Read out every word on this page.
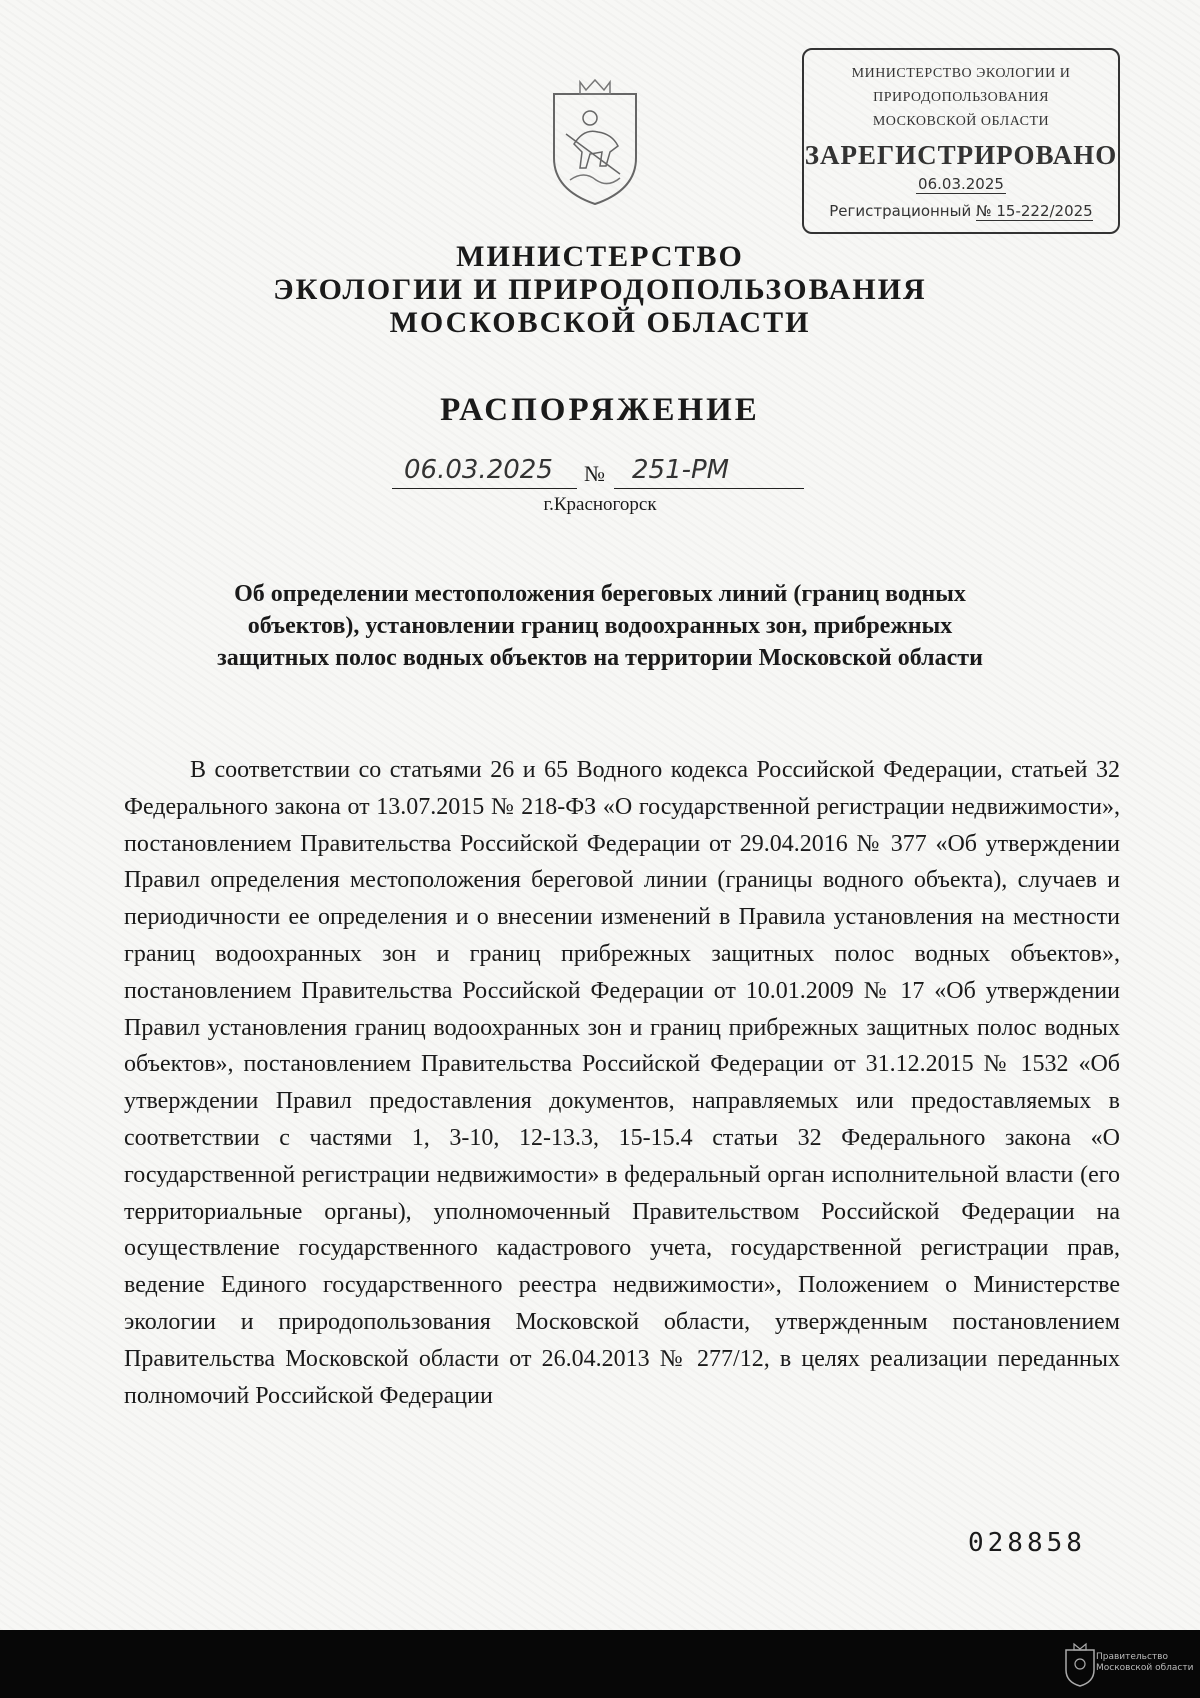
МИНИСТЕРСТВО ЭКОЛОГИИ И
ПРИРОДОПОЛЬЗОВАНИЯ
МОСКОВСКОЙ ОБЛАСТИ
ЗАРЕГИСТРИРОВАНО
06.03.2025
Регистрационный № 15-222/2025
МИНИСТЕРСТВО
ЭКОЛОГИИ И ПРИРОДОПОЛЬЗОВАНИЯ
МОСКОВСКОЙ ОБЛАСТИ
РАСПОРЯЖЕНИЕ
06.03.2025 № 251-РМ
г.Красногорск
Об определении местоположения береговых линий (границ водных
объектов), установлении границ водоохранных зон, прибрежных
защитных полос водных объектов на территории Московской области
В соответствии со статьями 26 и 65 Водного кодекса Российской Федерации, статьей 32 Федерального закона от 13.07.2015 № 218-ФЗ «О государственной регистрации недвижимости», постановлением Правительства Российской Федерации от 29.04.2016 № 377 «Об утверждении Правил определения местоположения береговой линии (границы водного объекта), случаев и периодичности ее определения и о внесении изменений в Правила установления на местности границ водоохранных зон и границ прибрежных защитных полос водных объектов», постановлением Правительства Российской Федерации от 10.01.2009 № 17 «Об утверждении Правил установления границ водоохранных зон и границ прибрежных защитных полос водных объектов», постановлением Правительства Российской Федерации от 31.12.2015 № 1532 «Об утверждении Правил предоставления документов, направляемых или предоставляемых в соответствии с частями 1, 3-10, 12-13.3, 15-15.4 статьи 32 Федерального закона «О государственной регистрации недвижимости» в федеральный орган исполнительной власти (его территориальные органы), уполномоченный Правительством Российской Федерации на осуществление государственного кадастрового учета, государственной регистрации прав, ведение Единого государственного реестра недвижимости», Положением о Министерстве экологии и природопользования Московской области, утвержденным постановлением Правительства Московской области от 26.04.2013 № 277/12, в целях реализации переданных полномочий Российской Федерации
028858
Правительство
Московской области
